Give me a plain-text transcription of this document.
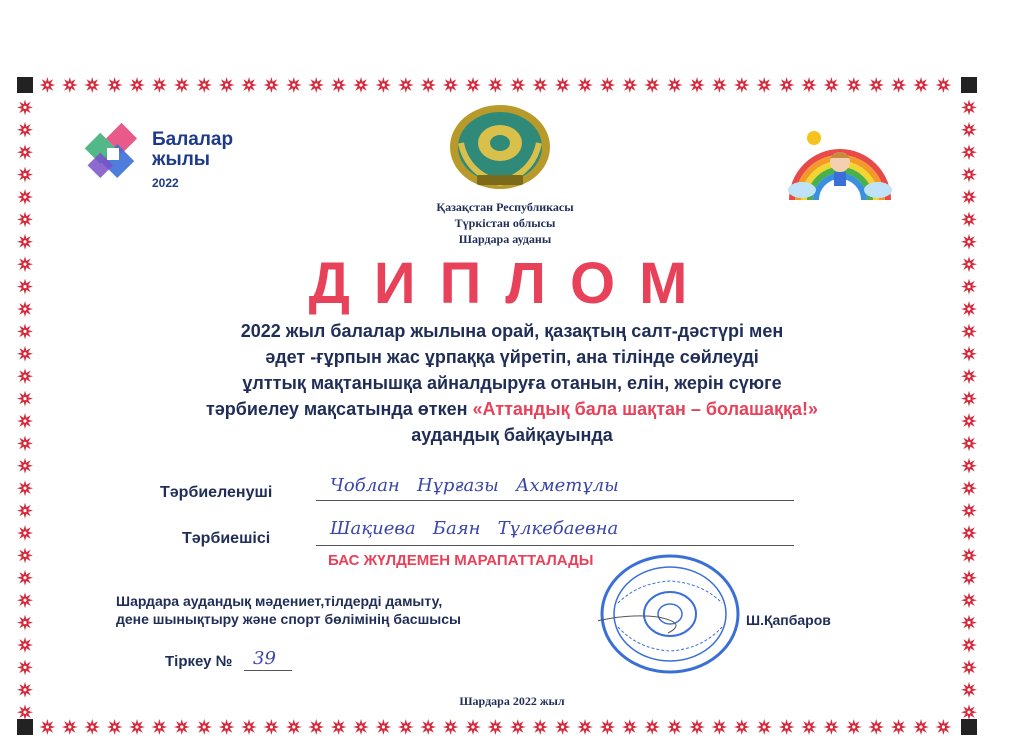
Балалар
жылы
2022
Қазақстан Республикасы
Түркістан облысы
Шардара ауданы
ДИПЛОМ
2022 жыл балалар жылына орай, қазақтың салт-дәстүрі мен
әдет -ғұрпын жас ұрпаққа үйретіп, ана тілінде сөйлеуді
ұлттық мақтанышқа айналдыруға отанын, елін, жерін сүюге
тәрбиелеу мақсатында өткен «Аттандық бала шақтан – болашаққа!»
аудандық байқауында
Тәрбиеленуші	Чоблан   Нұрғазы   Ахметұлы
Тәрбиешісі	Шақиева   Баян   Тұлкебаевна
БАС ЖҮЛДЕМЕН МАРАПАТТАЛАДЫ
Шардара аудандық мәдениет,тілдерді дамыту,
дене шынықтыру және спорт бөлімінің басшысы	Ш.Қапбаров
Тіркеу № 39
Шардара 2022 жыл
